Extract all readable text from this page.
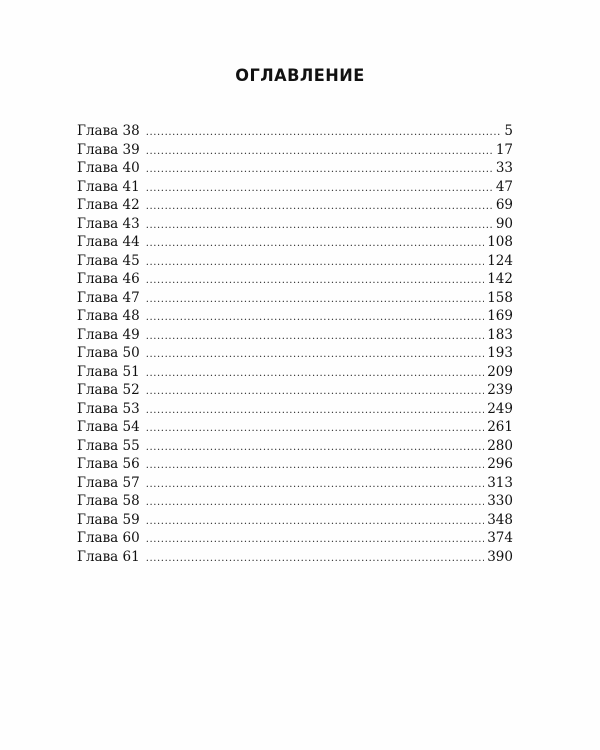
ОГЛАВЛЕНИЕ
Глава 38 .....	5
Глава 39 .....	17
Глава 40 .....	33
Глава 41 .....	47
Глава 42 .....	69
Глава 43 .....	90
Глава 44 .....	108
Глава 45 .....	124
Глава 46 .....	142
Глава 47 .....	158
Глава 48 .....	169
Глава 49 .....	183
Глава 50 .....	193
Глава 51 .....	209
Глава 52 .....	239
Глава 53 .....	249
Глава 54 .....	261
Глава 55 .....	280
Глава 56 .....	296
Глава 57 .....	313
Глава 58 .....	330
Глава 59 .....	348
Глава 60 .....	374
Глава 61 .....	390
